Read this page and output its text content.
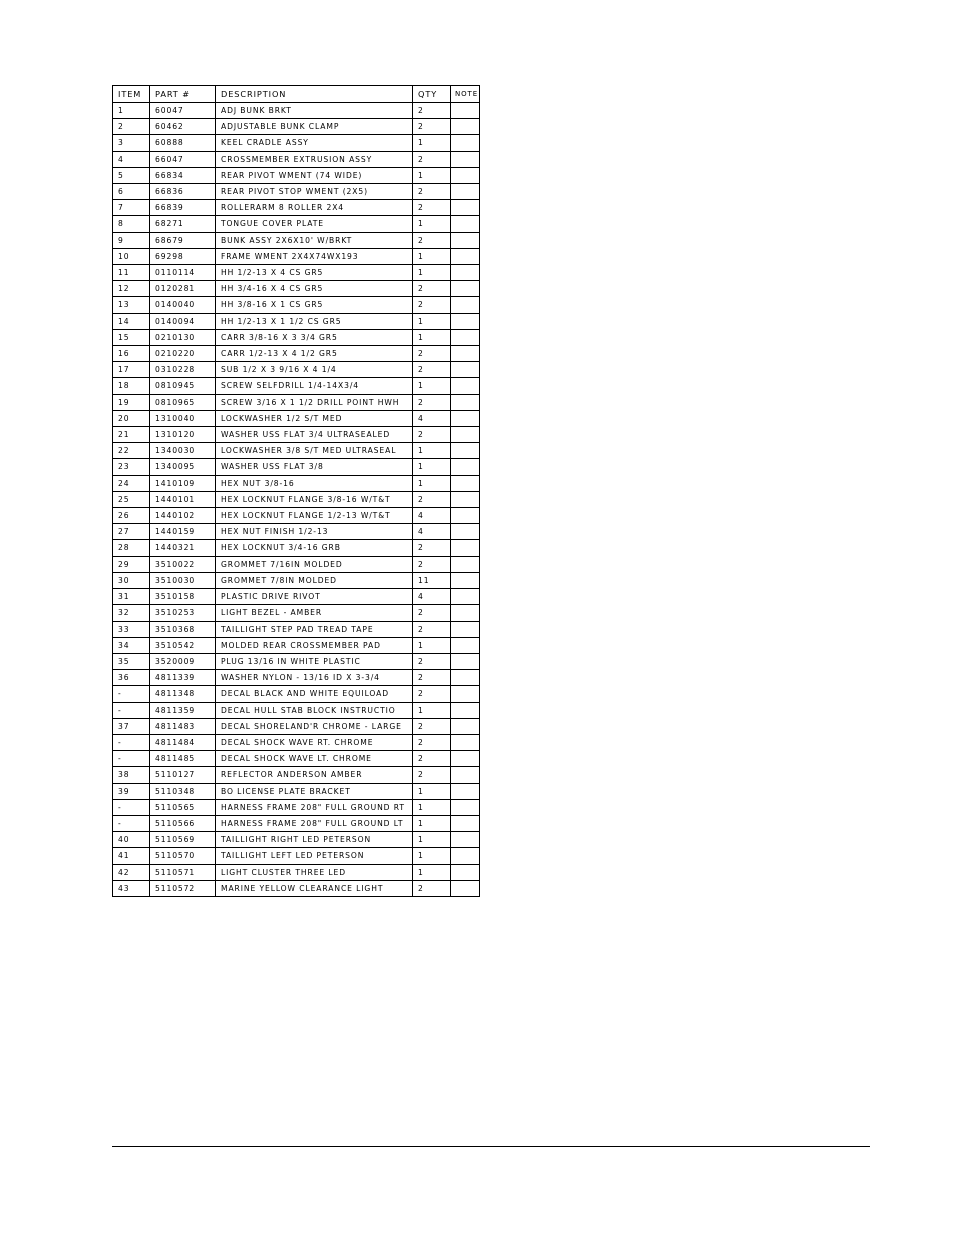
ITEM	PART #	DESCRIPTION	QTY	NOTE
1	60047	ADJ BUNK BRKT	2	
2	60462	ADJUSTABLE BUNK CLAMP	2	
3	60888	KEEL CRADLE ASSY	1	
4	66047	CROSSMEMBER EXTRUSION ASSY	2	
5	66834	REAR PIVOT WMENT (74 WIDE)	1	
6	66836	REAR PIVOT STOP WMENT (2X5)	2	
7	66839	ROLLERARM 8 ROLLER 2X4	2	
8	68271	TONGUE COVER PLATE	1	
9	68679	BUNK ASSY 2X6X10' W/BRKT	2	
10	69298	FRAME WMENT 2X4X74WX193	1	
11	0110114	HH 1/2-13 X 4 CS GR5	1	
12	0120281	HH 3/4-16 X 4 CS GR5	2	
13	0140040	HH 3/8-16 X 1 CS GR5	2	
14	0140094	HH 1/2-13 X 1 1/2 CS GR5	1	
15	0210130	CARR 3/8-16 X 3 3/4 GR5	1	
16	0210220	CARR 1/2-13 X 4 1/2 GR5	2	
17	0310228	SUB 1/2 X 3 9/16 X 4 1/4	2	
18	0810945	SCREW SELFDRILL 1/4-14X3/4	1	
19	0810965	SCREW 3/16 X 1 1/2 DRILL POINT HWH	2	
20	1310040	LOCKWASHER 1/2 S/T MED	4	
21	1310120	WASHER USS FLAT 3/4 ULTRASEALED	2	
22	1340030	LOCKWASHER 3/8 S/T MED ULTRASEAL	1	
23	1340095	WASHER USS FLAT 3/8	1	
24	1410109	HEX NUT 3/8-16	1	
25	1440101	HEX LOCKNUT FLANGE 3/8-16 W/T&T	2	
26	1440102	HEX LOCKNUT FLANGE 1/2-13 W/T&T	4	
27	1440159	HEX NUT FINISH 1/2-13	4	
28	1440321	HEX LOCKNUT 3/4-16 GRB	2	
29	3510022	GROMMET 7/16IN MOLDED	2	
30	3510030	GROMMET 7/8IN MOLDED	11	
31	3510158	PLASTIC DRIVE RIVOT	4	
32	3510253	LIGHT BEZEL - AMBER	2	
33	3510368	TAILLIGHT STEP PAD TREAD TAPE	2	
34	3510542	MOLDED REAR CROSSMEMBER PAD	1	
35	3520009	PLUG 13/16 IN WHITE PLASTIC	2	
36	4811339	WASHER NYLON - 13/16 ID X 3-3/4	2	
-	4811348	DECAL BLACK AND WHITE EQUILOAD	2	
-	4811359	DECAL HULL STAB BLOCK INSTRUCTIO	1	
37	4811483	DECAL SHORELAND'R CHROME - LARGE	2	
-	4811484	DECAL SHOCK WAVE RT. CHROME	2	
-	4811485	DECAL SHOCK WAVE LT. CHROME	2	
38	5110127	REFLECTOR ANDERSON AMBER	2	
39	5110348	BO LICENSE PLATE BRACKET	1	
-	5110565	HARNESS FRAME 208" FULL GROUND RT	1	
-	5110566	HARNESS FRAME 208" FULL GROUND LT	1	
40	5110569	TAILLIGHT RIGHT LED PETERSON	1	
41	5110570	TAILLIGHT LEFT LED PETERSON	1	
42	5110571	LIGHT CLUSTER THREE LED	1	
43	5110572	MARINE YELLOW CLEARANCE LIGHT	2	
